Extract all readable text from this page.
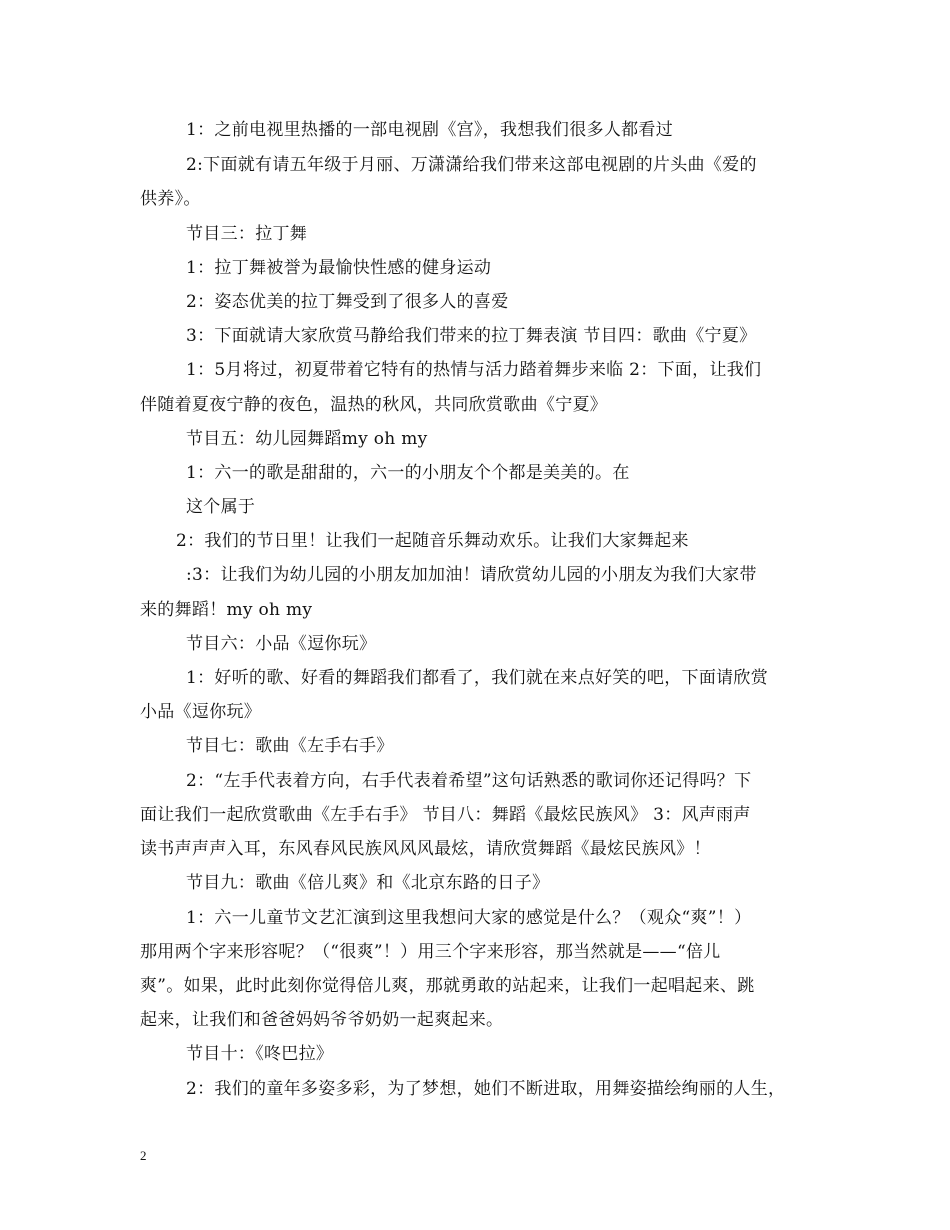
1：之前电视里热播的一部电视剧《宫》，我想我们很多人都看过
2:下面就有请五年级于月丽、万潇潇给我们带来这部电视剧的片头曲《爱的
供养》。
节目三：拉丁舞
1：拉丁舞被誉为最愉快性感的健身运动
2：姿态优美的拉丁舞受到了很多人的喜爱
3：下面就请大家欣赏马静给我们带来的拉丁舞表演 节目四：歌曲《宁夏》
1：5月将过，初夏带着它特有的热情与活力踏着舞步来临 2：下面，让我们
伴随着夏夜宁静的夜色，温热的秋风，共同欣赏歌曲《宁夏》
节目五：幼儿园舞蹈my oh my
1：六一的歌是甜甜的，六一的小朋友个个都是美美的。在
这个属于
2：我们的节日里！让我们一起随音乐舞动欢乐。让我们大家舞起来
:3：让我们为幼儿园的小朋友加加油！请欣赏幼儿园的小朋友为我们大家带
来的舞蹈！my oh my
节目六：小品《逗你玩》
1：好听的歌、好看的舞蹈我们都看了，我们就在来点好笑的吧，下面请欣赏
小品《逗你玩》
节目七：歌曲《左手右手》
2：“左手代表着方向，右手代表着希望”这句话熟悉的歌词你还记得吗？下
面让我们一起欣赏歌曲《左手右手》 节目八：舞蹈《最炫民族风》 3：风声雨声
读书声声声入耳，东风春风民族风风风最炫，请欣赏舞蹈《最炫民族风》！
节目九：歌曲《倍儿爽》和《北京东路的日子》
1：六一儿童节文艺汇演到这里我想问大家的感觉是什么？（观众“爽”！）
那用两个字来形容呢？（“很爽”！）用三个字来形容，那当然就是——“倍儿
爽”。如果，此时此刻你觉得倍儿爽，那就勇敢的站起来，让我们一起唱起来、跳
起来，让我们和爸爸妈妈爷爷奶奶一起爽起来。
节目十：《咚巴拉》
2：我们的童年多姿多彩，为了梦想，她们不断进取，用舞姿描绘绚丽的人生，
2
